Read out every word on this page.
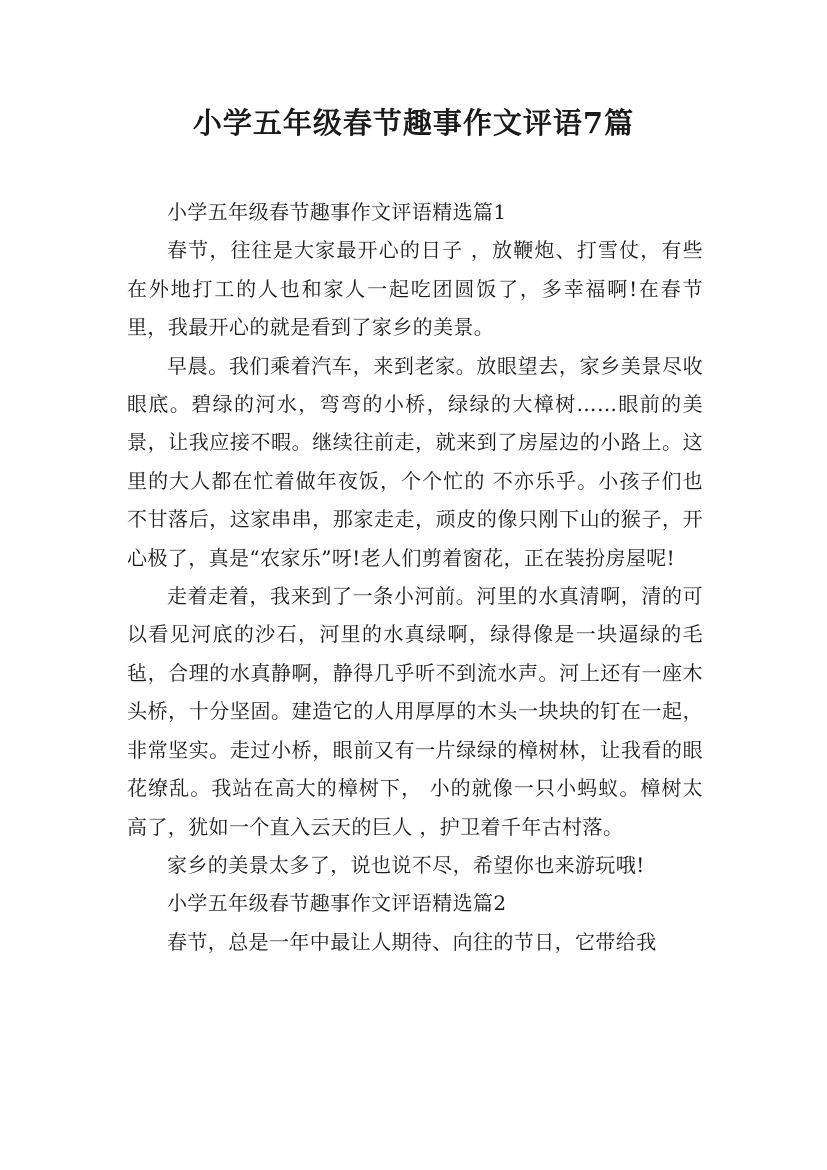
小学五年级春节趣事作文评语7篇

小学五年级春节趣事作文评语精选篇1

春节，往往是大家最开心的日子 ，放鞭炮、打雪仗，有些在外地打工的人也和家人一起吃团圆饭了，多幸福啊!在春节里，我最开心的就是看到了家乡的美景。

早晨。我们乘着汽车，来到老家。放眼望去，家乡美景尽收眼底。碧绿的河水，弯弯的小桥，绿绿的大樟树……眼前的美景，让我应接不暇。继续往前走，就来到了房屋边的小路上。这里的大人都在忙着做年夜饭，个个忙的 不亦乐乎。小孩子们也不甘落后，这家串串，那家走走，顽皮的像只刚下山的猴子，开心极了，真是“农家乐”呀!老人们剪着窗花，正在装扮房屋呢!

走着走着，我来到了一条小河前。河里的水真清啊，清的可以看见河底的沙石，河里的水真绿啊，绿得像是一块逼绿的毛毡，合理的水真静啊，静得几乎听不到流水声。河上还有一座木头桥，十分坚固。建造它的人用厚厚的木头一块块的钉在一起，非常坚实。走过小桥，眼前又有一片绿绿的樟树林，让我看的眼花缭乱。我站在高大的樟树下， 小的就像一只小蚂蚁。樟树太高了，犹如一个直入云天的巨人 ，护卫着千年古村落。

家乡的美景太多了，说也说不尽，希望你也来游玩哦!

小学五年级春节趣事作文评语精选篇2

春节，总是一年中最让人期待、向往的节日，它带给我
